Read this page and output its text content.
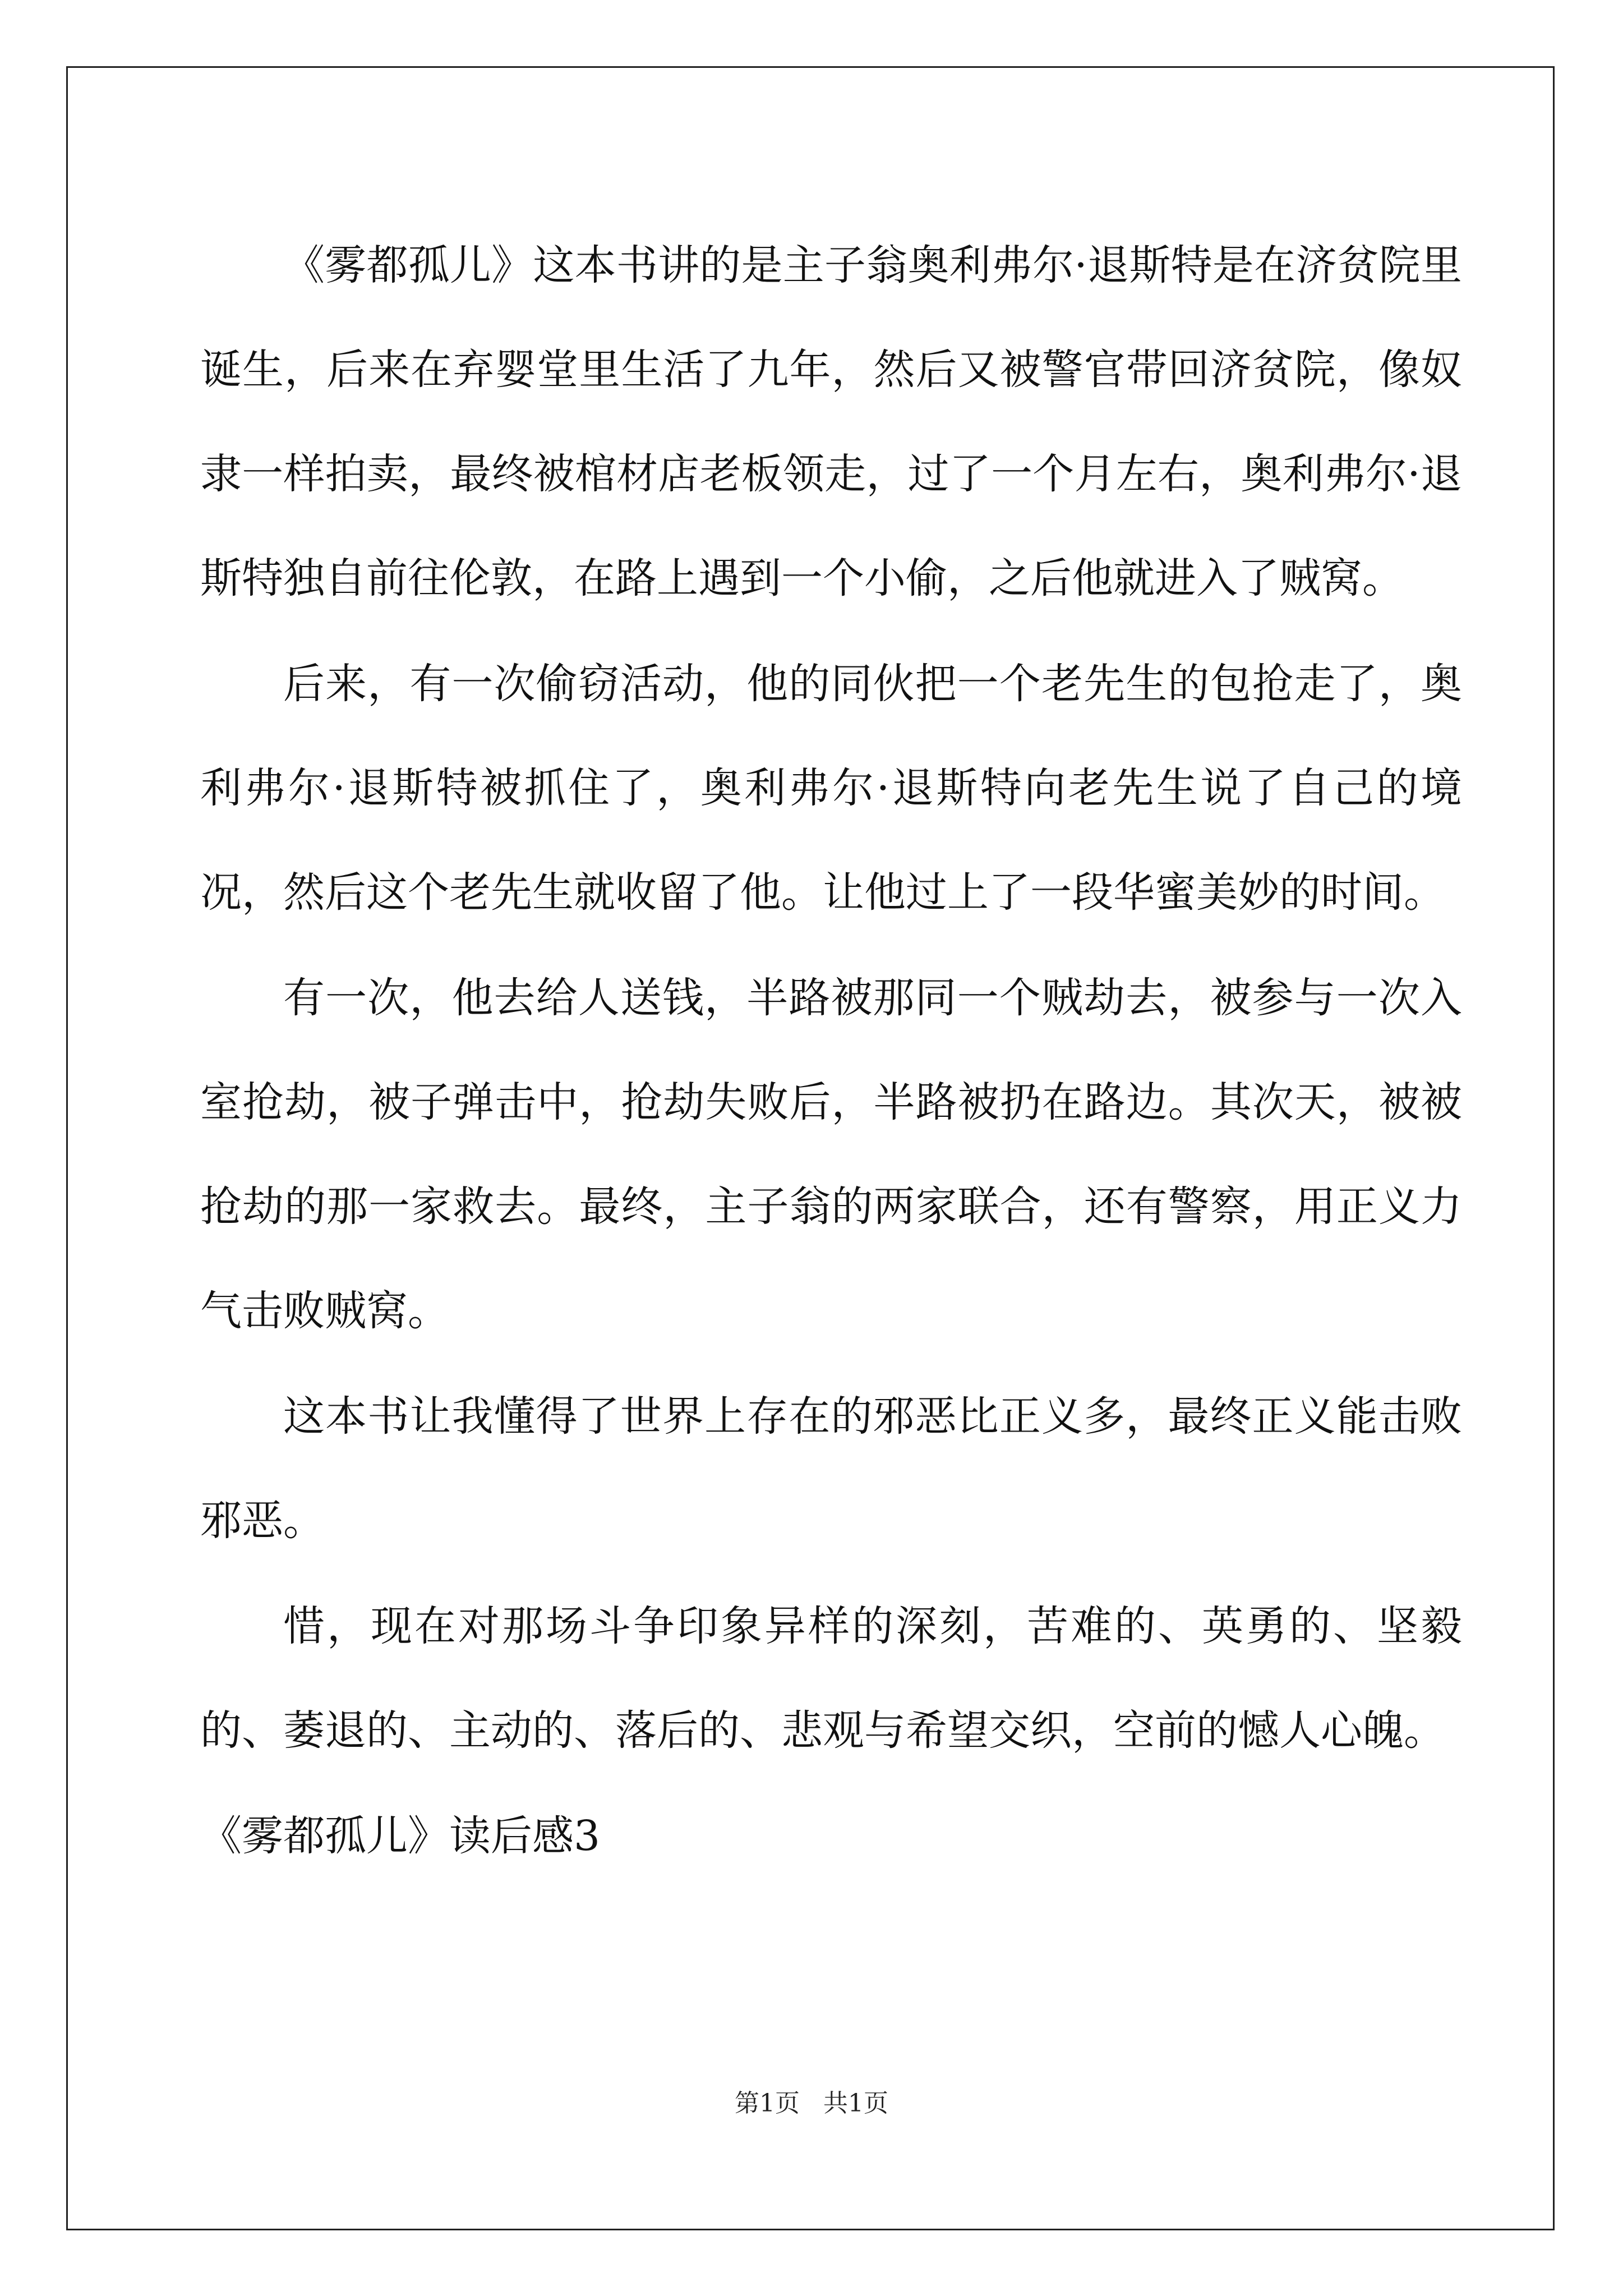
《雾都孤儿》这本书讲的是主子翁奥利弗尔·退斯特是在济贫院里诞生，后来在弃婴堂里生活了九年，然后又被警官带回济贫院，像奴隶一样拍卖，最终被棺材店老板领走，过了一个月左右，奥利弗尔·退斯特独自前往伦敦，在路上遇到一个小偷，之后他就进入了贼窝。

后来，有一次偷窃活动，他的同伙把一个老先生的包抢走了，奥利弗尔·退斯特被抓住了，奥利弗尔·退斯特向老先生说了自己的境况，然后这个老先生就收留了他。让他过上了一段华蜜美妙的时间。

有一次，他去给人送钱，半路被那同一个贼劫去，被参与一次入室抢劫，被子弹击中，抢劫失败后，半路被扔在路边。其次天，被被抢劫的那一家救去。最终，主子翁的两家联合，还有警察，用正义力气击败贼窝。

这本书让我懂得了世界上存在的邪恶比正义多，最终正义能击败邪恶。

惜，现在对那场斗争印象异样的深刻，苦难的、英勇的、坚毅的、萎退的、主动的、落后的、悲观与希望交织，空前的憾人心魄。

《雾都孤儿》读后感3

第1页 共1页
